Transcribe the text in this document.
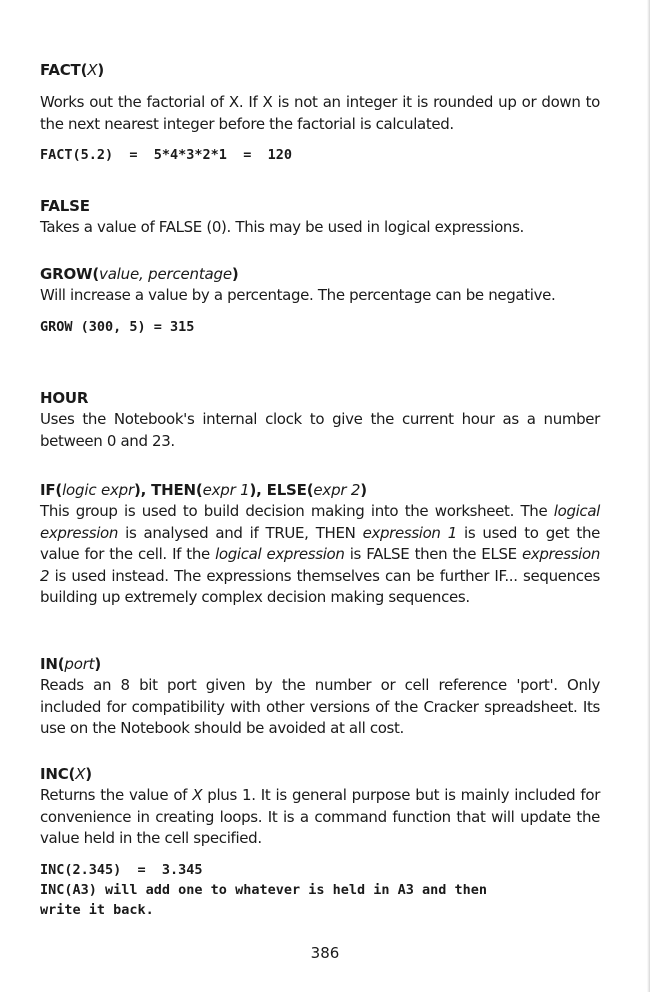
FACT(X)

Works out the factorial of X. If X is not an integer it is rounded up or down to the next nearest integer before the factorial is calculated.

FACT(5.2)  =  5*4*3*2*1  =  120
FALSE

Takes a value of FALSE (0). This may be used in logical expressions.

GROW(value, percentage)

Will increase a value by a percentage. The percentage can be negative.

GROW (300, 5) = 315
HOUR

Uses the Notebook's internal clock to give the current hour as a number between 0 and 23.

IF(logic expr), THEN(expr 1), ELSE(expr 2)

This group is used to build decision making into the worksheet. The logical expression is analysed and if TRUE, THEN expression 1 is used to get the value for the cell. If the logical expression is FALSE then the ELSE expression 2 is used instead. The expressions themselves can be further IF... sequences building up extremely complex decision making sequences.

IN(port)

Reads an 8 bit port given by the number or cell reference 'port'. Only included for compatibility with other versions of the Cracker spreadsheet. Its use on the Notebook should be avoided at all cost.

INC(X)

Returns the value of X plus 1. It is general purpose but is mainly included for convenience in creating loops. It is a command function that will update the value held in the cell specified.

INC(2.345)  =  3.345
INC(A3) will add one to whatever is held in A3 and then
write it back.
386
